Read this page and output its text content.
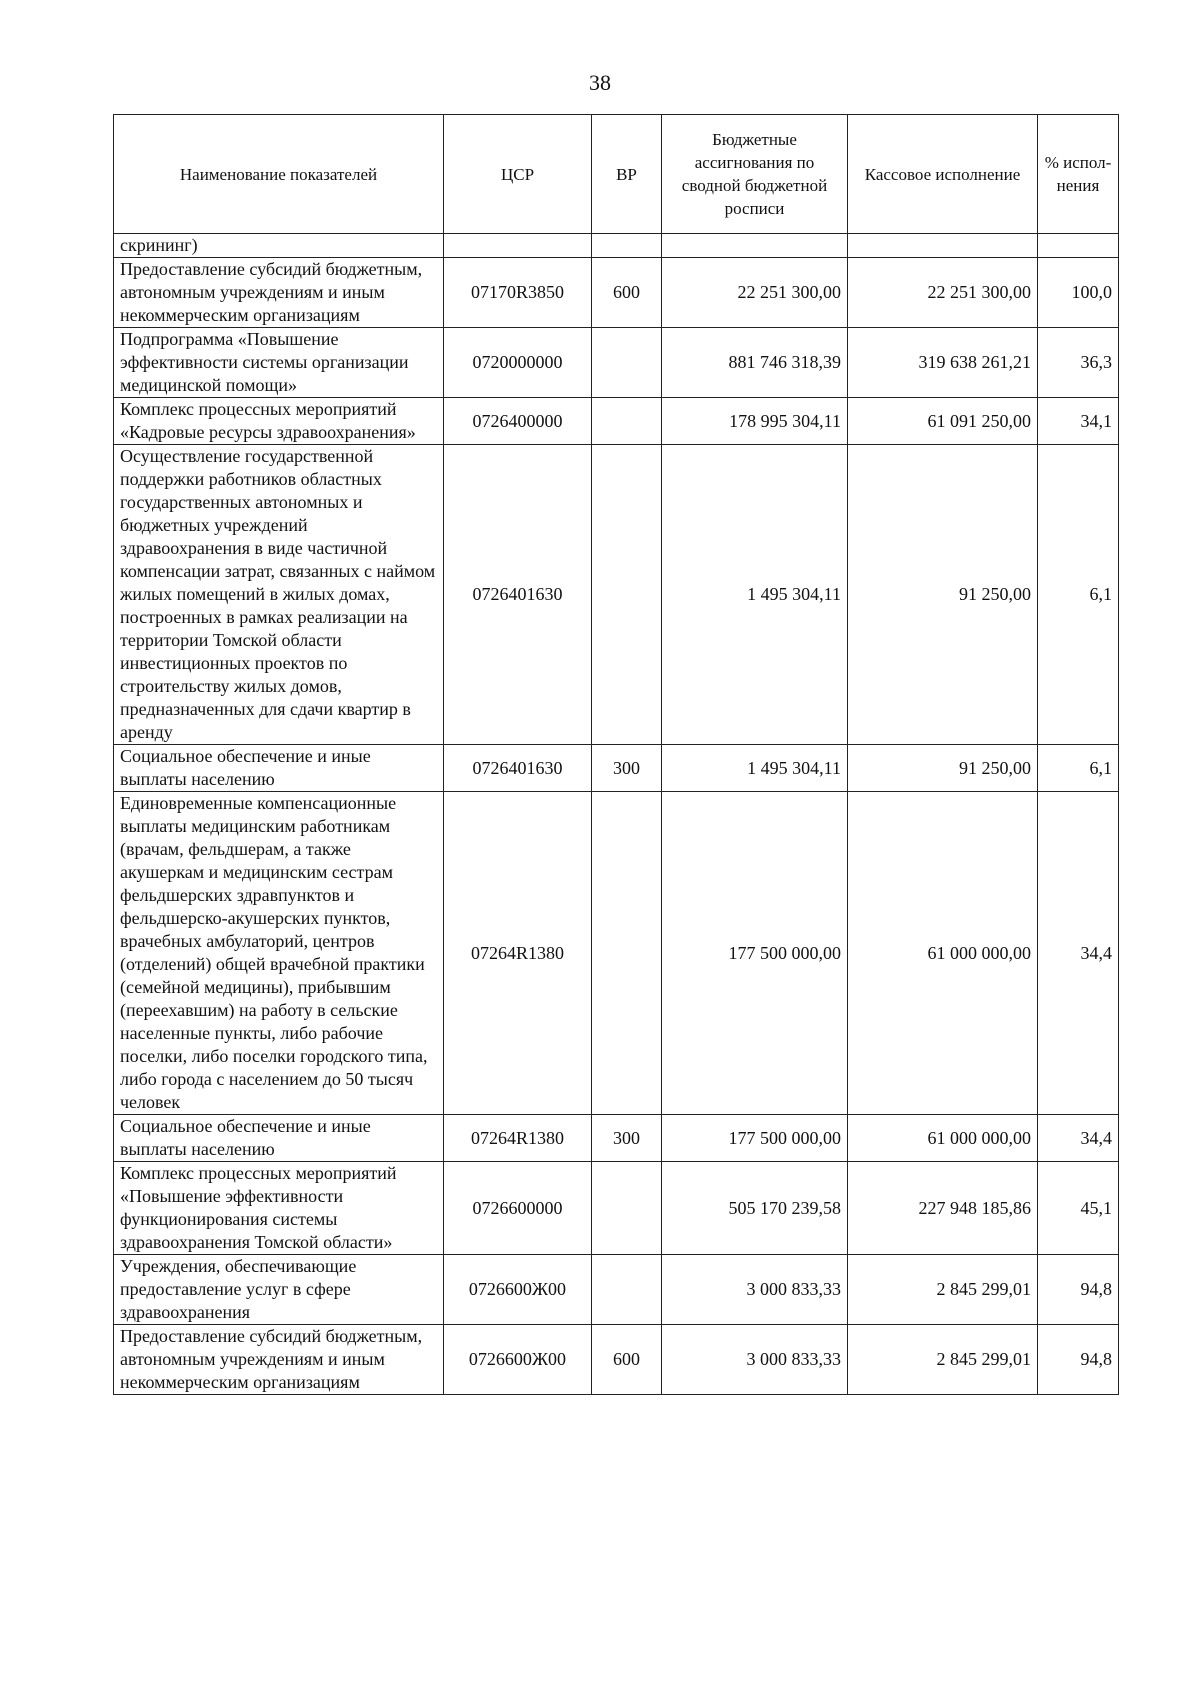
38
Наименование показателей	ЦСР	ВР	Бюджетные ассигнования по сводной бюджетной росписи	Кассовое исполнение	% испол-нения
скрининг)					
Предоставление субсидий бюджетным, автономным учреждениям и иным некоммерческим организациям	07170R3850	600	22 251 300,00	22 251 300,00	100,0
Подпрограмма «Повышение эффективности системы организации медицинской помощи»	0720000000		881 746 318,39	319 638 261,21	36,3
Комплекс процессных мероприятий «Кадровые ресурсы здравоохранения»	0726400000		178 995 304,11	61 091 250,00	34,1
Осуществление государственной поддержки работников областных государственных автономных и бюджетных учреждений здравоохранения в виде частичной компенсации затрат, связанных с наймом жилых помещений в жилых домах, построенных в рамках реализации на территории Томской области инвестиционных проектов по строительству жилых домов, предназначенных для сдачи квартир в аренду	0726401630		1 495 304,11	91 250,00	6,1
Социальное обеспечение и иные выплаты населению	0726401630	300	1 495 304,11	91 250,00	6,1
Единовременные компенсационные выплаты медицинским работникам (врачам, фельдшерам, а также акушеркам и медицинским сестрам фельдшерских здравпунктов и фельдшерско-акушерских пунктов, врачебных амбулаторий, центров (отделений) общей врачебной практики (семейной медицины), прибывшим (переехавшим) на работу в сельские населенные пункты, либо рабочие поселки, либо поселки городского типа, либо города с населением до 50 тысяч человек	07264R1380		177 500 000,00	61 000 000,00	34,4
Социальное обеспечение и иные выплаты населению	07264R1380	300	177 500 000,00	61 000 000,00	34,4
Комплекс процессных мероприятий «Повышение эффективности функционирования системы здравоохранения Томской области»	0726600000		505 170 239,58	227 948 185,86	45,1
Учреждения, обеспечивающие предоставление услуг в сфере здравоохранения	0726600Ж00		3 000 833,33	2 845 299,01	94,8
Предоставление субсидий бюджетным, автономным учреждениям и иным некоммерческим организациям	0726600Ж00	600	3 000 833,33	2 845 299,01	94,8
